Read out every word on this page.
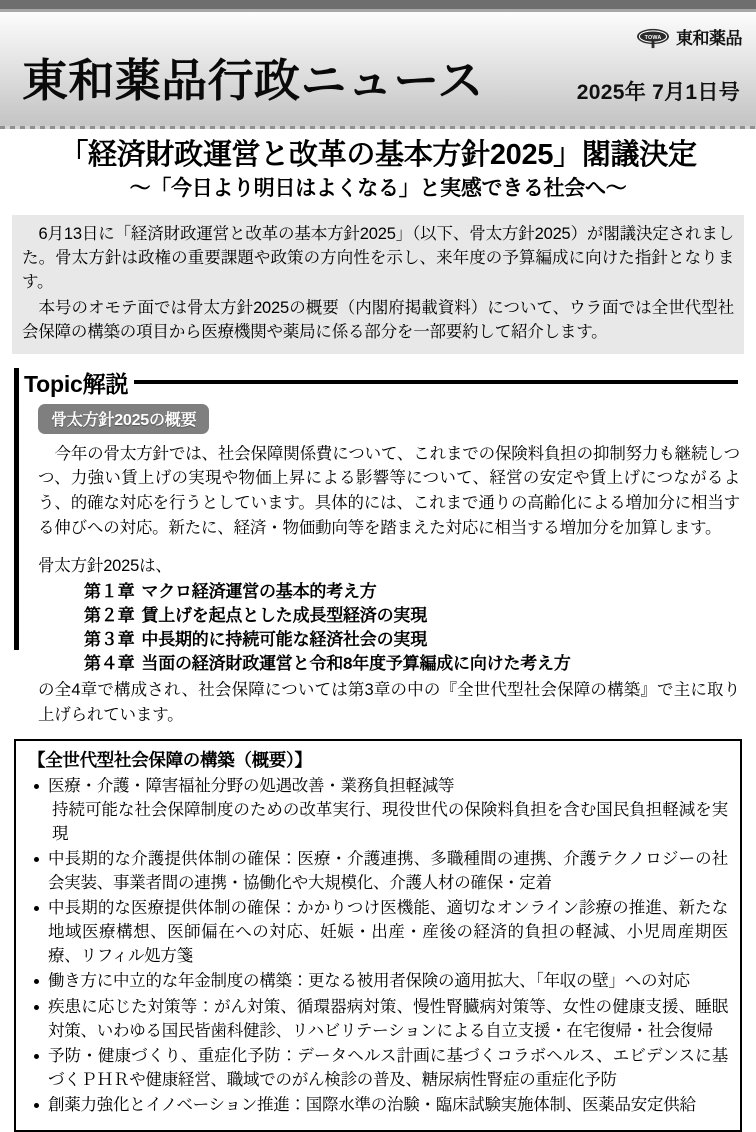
TOWA 東和薬品
東和薬品行政ニュース	2025年 7月1日号
「経済財政運営と改革の基本方針2025」閣議決定
〜「今日より明日はよくなる」と実感できる社会へ〜

6月13日に「経済財政運営と改革の基本方針2025」（以下、骨太方針2025）が閣議決定されました。骨太方針は政権の重要課題や政策の方向性を示し、来年度の予算編成に向けた指針となります。

本号のオモテ面では骨太方針2025の概要（内閣府掲載資料）について、ウラ面では全世代型社会保障の構築の項目から医療機関や薬局に係る部分を一部要約して紹介します。

Topic解説
骨太方針2025の概要

今年の骨太方針では、社会保障関係費について、これまでの保険料負担の抑制努力も継続しつつ、力強い賃上げの実現や物価上昇による影響等について、経営の安定や賃上げにつながるよう、的確な対応を行うとしています。具体的には、これまで通りの高齢化による増加分に相当する伸びへの対応。新たに、経済・物価動向等を踏まえた対応に相当する増加分を加算します。

骨太方針2025は、
第１章 マクロ経済運営の基本的考え方
第２章 賃上げを起点とした成長型経済の実現
第３章 中長期的に持続可能な経済社会の実現
第４章 当面の経済財政運営と令和8年度予算編成に向けた考え方
の全4章で構成され、社会保障については第3章の中の『全世代型社会保障の構築』で主に取り上げられています。
【全世代型社会保障の構築（概要）】
医療・介護・障害福祉分野の処遇改善・業務負担軽減等
持続可能な社会保障制度のための改革実行、現役世代の保険料負担を含む国民負担軽減を実現
中長期的な介護提供体制の確保：医療・介護連携、多職種間の連携、介護テクノロジーの社会実装、事業者間の連携・協働化や大規模化、介護人材の確保・定着
中長期的な医療提供体制の確保：かかりつけ医機能、適切なオンライン診療の推進、新たな地域医療構想、医師偏在への対応、妊娠・出産・産後の経済的負担の軽減、小児周産期医療、リフィル処方箋
働き方に中立的な年金制度の構築：更なる被用者保険の適用拡大、「年収の壁」への対応
疾患に応じた対策等：がん対策、循環器病対策、慢性腎臓病対策等、女性の健康支援、睡眠対策、いわゆる国民皆歯科健診、リハビリテーションによる自立支援・在宅復帰・社会復帰
予防・健康づくり、重症化予防：データヘルス計画に基づくコラボヘルス、エビデンスに基づくＰＨＲや健康経営、職域でのがん検診の普及、糖尿病性腎症の重症化予防
創薬力強化とイノベーション推進：国際水準の治験・臨床試験実施体制、医薬品安定供給
